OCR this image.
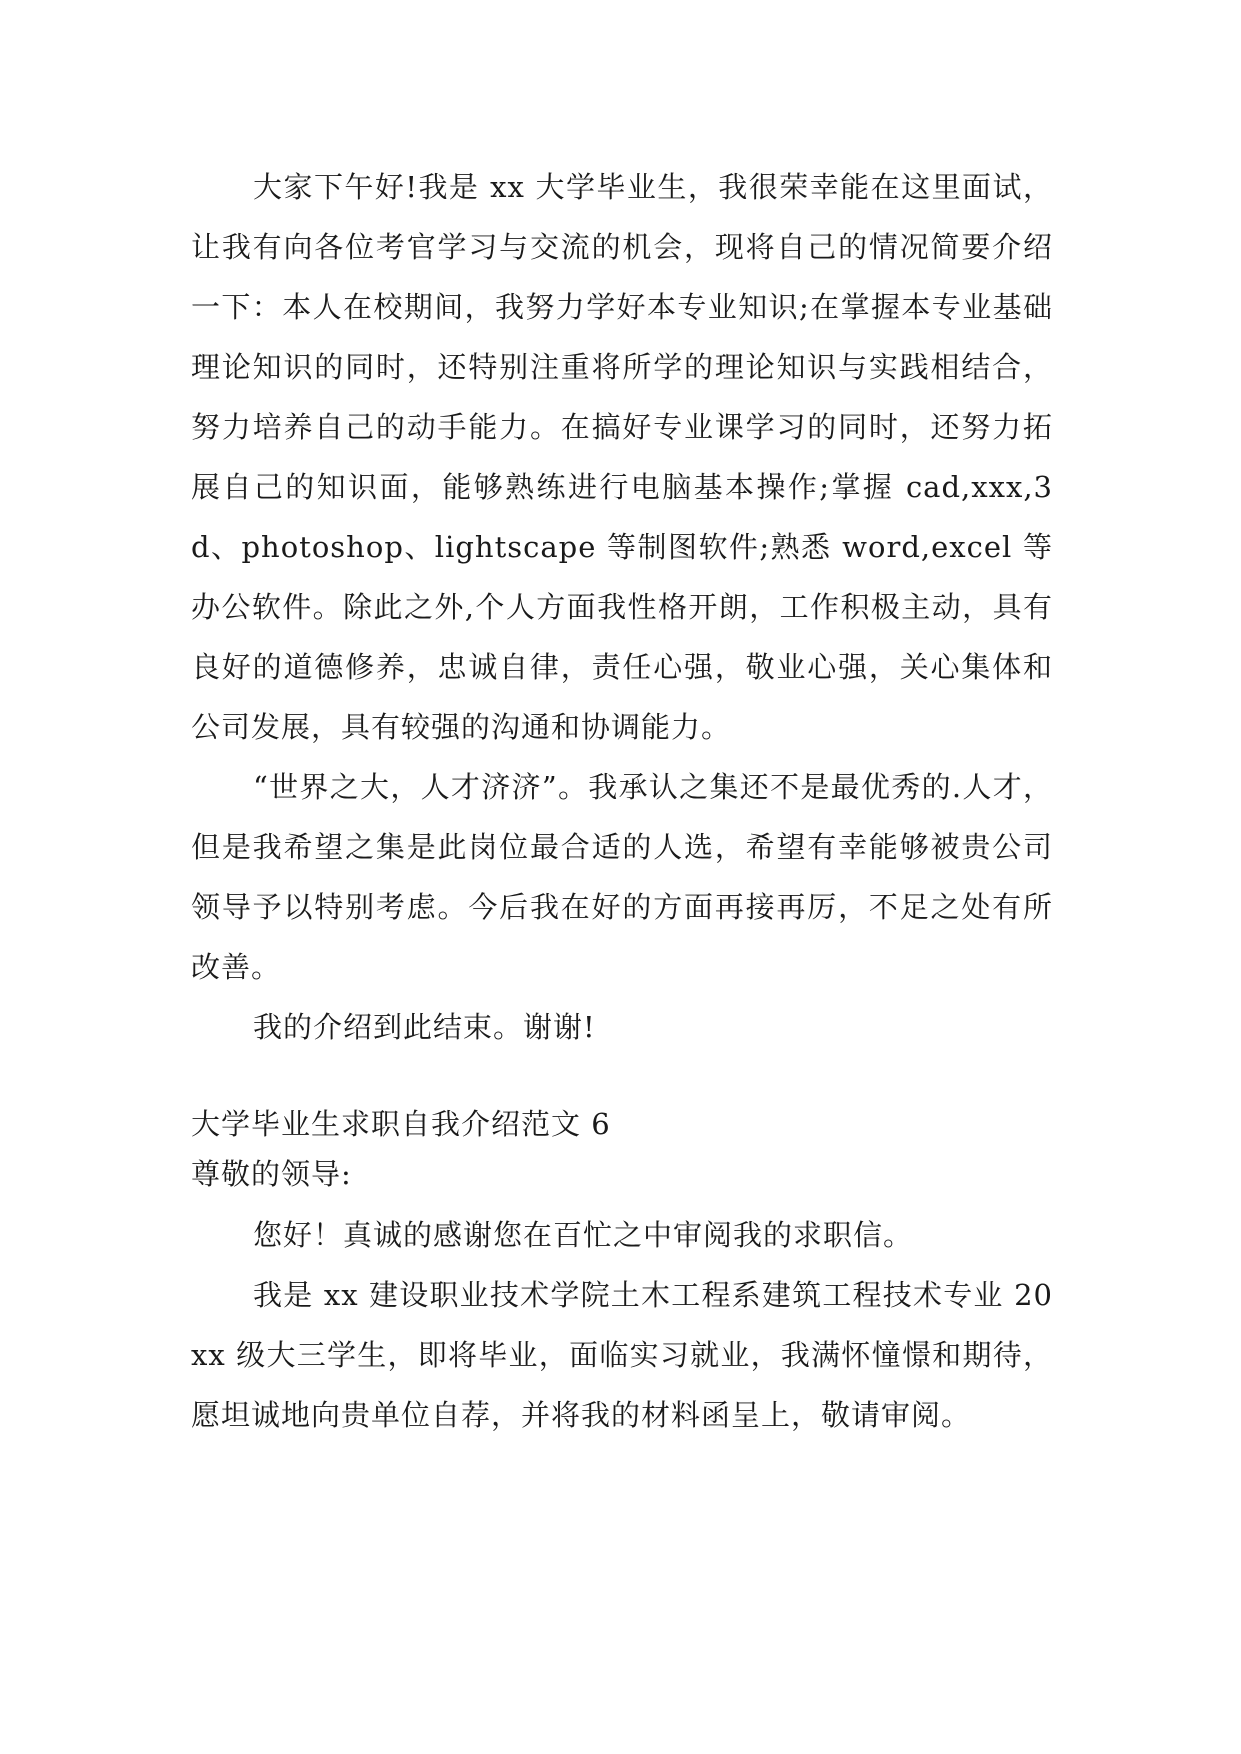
大家下午好!我是 xx 大学毕业生，我很荣幸能在这里面试，让我有向各位考官学习与交流的机会，现将自己的情况简要介绍一下：本人在校期间，我努力学好本专业知识;在掌握本专业基础理论知识的同时，还特别注重将所学的理论知识与实践相结合，努力培养自己的动手能力。在搞好专业课学习的同时，还努力拓展自己的知识面，能够熟练进行电脑基本操作;掌握 cad,xxx,3d、photoshop、lightscape 等制图软件;熟悉 word,excel 等办公软件。除此之外,个人方面我性格开朗，工作积极主动，具有良好的道德修养，忠诚自律，责任心强，敬业心强，关心集体和公司发展，具有较强的沟通和协调能力。

“世界之大，人才济济”。我承认之集还不是最优秀的.人才，但是我希望之集是此岗位最合适的人选，希望有幸能够被贵公司领导予以特别考虑。今后我在好的方面再接再厉，不足之处有所改善。

我的介绍到此结束。谢谢!

大学毕业生求职自我介绍范文 6

尊敬的领导:

您好！真诚的感谢您在百忙之中审阅我的求职信。

我是 xx 建设职业技术学院土木工程系建筑工程技术专业 20xx 级大三学生，即将毕业，面临实习就业，我满怀憧憬和期待，愿坦诚地向贵单位自荐，并将我的材料函呈上，敬请审阅。
